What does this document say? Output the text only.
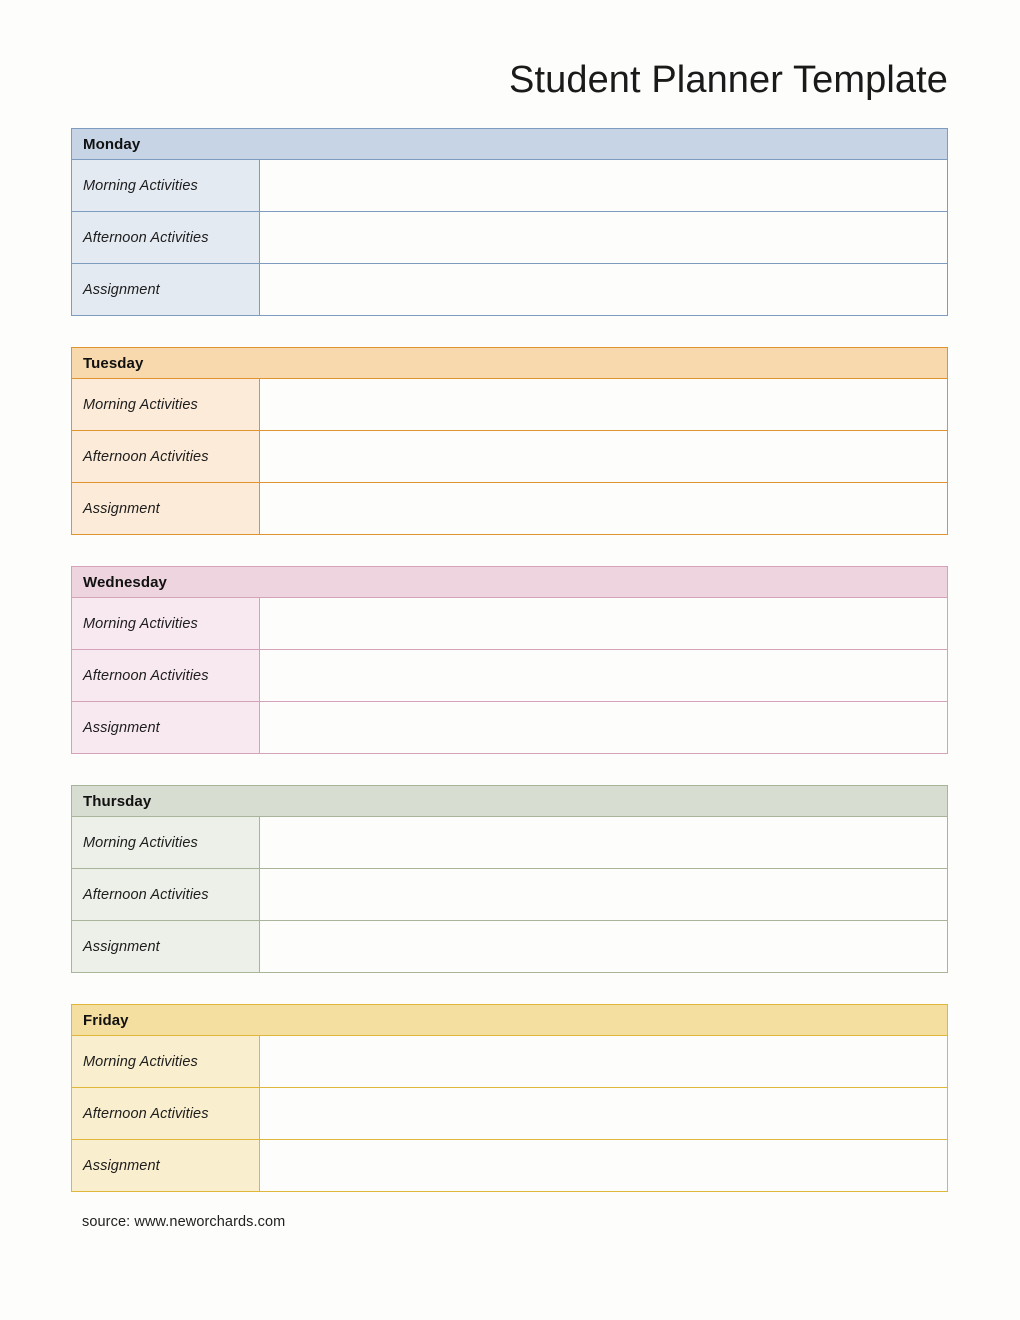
Student Planner Template
Monday
Morning Activities
Afternoon Activities
Assignment
Tuesday
Morning Activities
Afternoon Activities
Assignment
Wednesday
Morning Activities
Afternoon Activities
Assignment
Thursday
Morning Activities
Afternoon Activities
Assignment
Friday
Morning Activities
Afternoon Activities
Assignment
source: www.neworchards.com
